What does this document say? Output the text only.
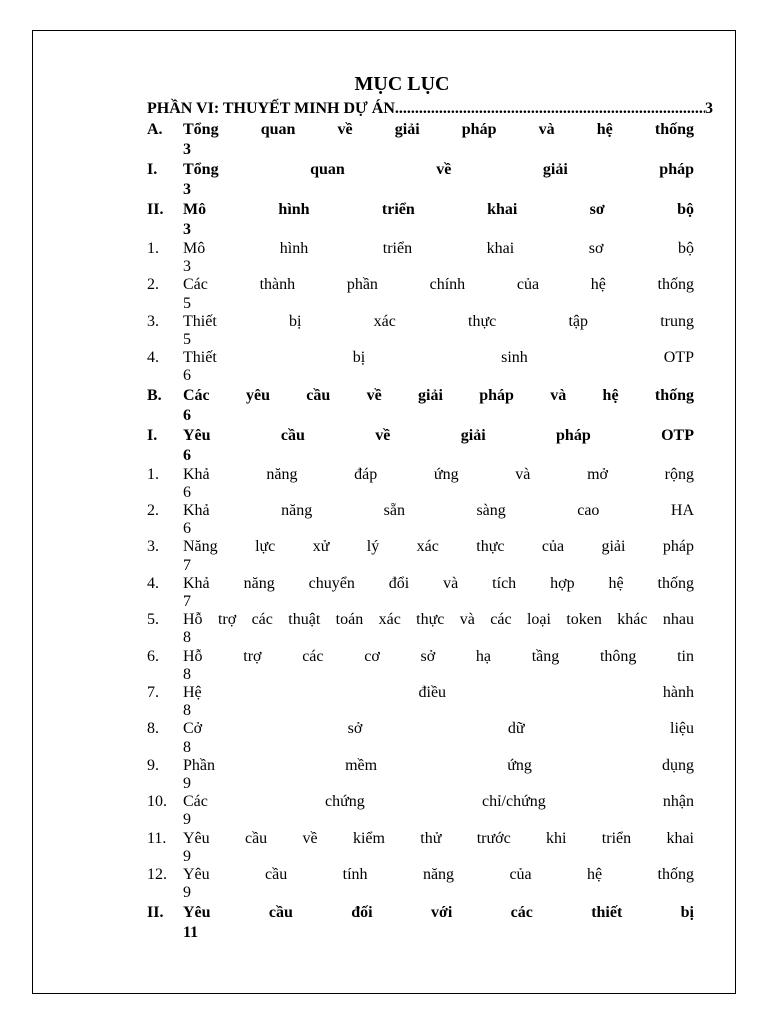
MỤC LỤC
PHẦN VI: THUYẾT MINH DỰ ÁN
.....	3
A.	Tổng quan về giải pháp và hệ thống
3
I.	Tổng quan về giải pháp
3
II.	Mô hình triển khai sơ bộ
3
1.	Mô hình triển khai sơ bộ
3
2.	Các thành phần chính của hệ thống
5
3.	Thiết bị xác thực tập trung
5
4.	Thiết bị sinh OTP
6
B.	Các yêu cầu về giải pháp và hệ thống
6
I.	Yêu cầu về giải pháp OTP
6
1.	Khả năng đáp ứng và mở rộng
6
2.	Khả năng sẵn sàng cao HA
6
3.	Năng lực xử lý xác thực của giải pháp
7
4.	Khả năng chuyển đổi và tích hợp hệ thống
7
5.	Hỗ trợ các thuật toán xác thực và các loại token khác nhau
8
6.	Hỗ trợ các cơ sở hạ tầng thông tin
8
7.	Hệ điều hành
8
8.	Cở sở dữ liệu
8
9.	Phần mềm ứng dụng
9
10.	Các chứng chỉ/chứng nhận
9
11.	Yêu cầu về kiểm thử trước khi triển khai
9
12.	Yêu cầu tính năng của hệ thống
9
II.	Yêu cầu đối với các thiết bị
11
